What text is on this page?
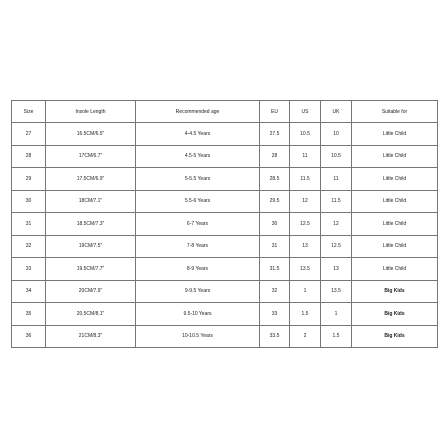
Size	Insole Length	Recommended age	EU	US	UK	Suitable for
27	16.5CM/6.5"	4-4.5 Years	27.5	10.5	10	Little Child
28	17CM/6.7"	4.5-5 Years	28	11	10.5	Little Child
29	17.5CM/6.9"	5-5.5 Years	28.5	11.5	11	Little Child
30	18CM/7.1"	5.5-6 Years	29.5	12	11.5	Little Child
31	18.5CM/7.3"	6-7 Years	30	12.5	12	Little Child
32	19CM/7.5"	7-8 Years	31	13	12.5	Little Child
33	19.5CM/7.7"	8-9 Years	31.5	13.5	13	Little Child
34	20CM/7.9"	9-9.5 Years	32	1	13.5	Big Kids
35	20.5CM/8.1"	9.5-10 Years	33	1.5	1	Big Kids
36	21CM/8.3"	10-10.5 Years	33.5	2	1.5	Big Kids
